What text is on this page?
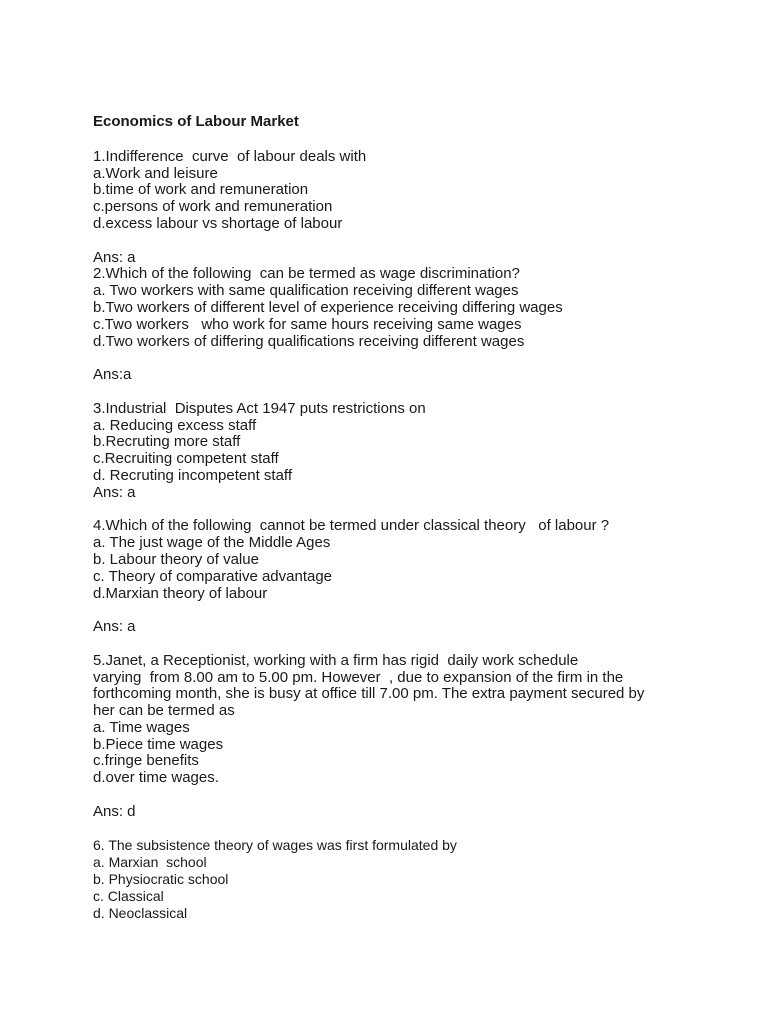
Economics of Labour Market

1.Indifference  curve  of labour deals with

a.Work and leisure

b.time of work and remuneration

c.persons of work and remuneration

d.excess labour vs shortage of labour

Ans: a

2.Which of the following  can be termed as wage discrimination?

a. Two workers with same qualification receiving different wages

b.Two workers of different level of experience receiving differing wages

c.Two workers   who work for same hours receiving same wages

d.Two workers of differing qualifications receiving different wages

Ans:a

3.Industrial  Disputes Act 1947 puts restrictions on

a. Reducing excess staff

b.Recruting more staff

c.Recruiting competent staff

d. Recruting incompetent staff

Ans: a

4.Which of the following  cannot be termed under classical theory   of labour ?

a. The just wage of the Middle Ages

b. Labour theory of value

c. Theory of comparative advantage

d.Marxian theory of labour

Ans: a

5.Janet, a Receptionist, working with a firm has rigid  daily work schedule

varying  from 8.00 am to 5.00 pm. However  , due to expansion of the firm in the

forthcoming month, she is busy at office till 7.00 pm. The extra payment secured by

her can be termed as

a. Time wages

b.Piece time wages

c.fringe benefits

d.over time wages.

Ans: d

6. The subsistence theory of wages was first formulated by

a. Marxian  school

b. Physiocratic school

c. Classical

d. Neoclassical
